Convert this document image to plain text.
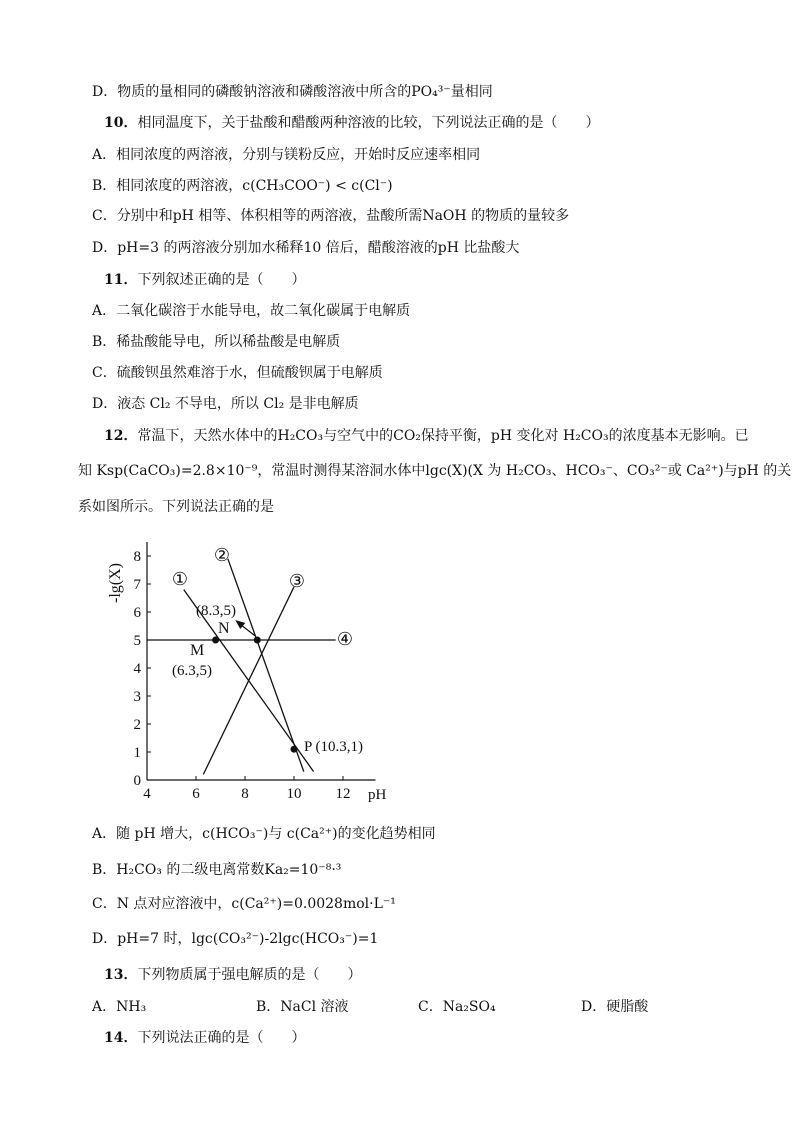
D．物质的量相同的磷酸钠溶液和磷酸溶液中所含的PO₄³⁻量相同
10．相同温度下，关于盐酸和醋酸两种溶液的比较，下列说法正确的是（　　）
A．相同浓度的两溶液，分别与镁粉反应，开始时反应速率相同
B．相同浓度的两溶液，c(CH₃COO⁻) < c(Cl⁻)
C．分别中和pH 相等、体积相等的两溶液，盐酸所需NaOH 的物质的量较多
D．pH=3 的两溶液分别加水稀释10 倍后，醋酸溶液的pH 比盐酸大
11．下列叙述正确的是（　　）
A．二氧化碳溶于水能导电，故二氧化碳属于电解质
B．稀盐酸能导电，所以稀盐酸是电解质
C．硫酸钡虽然难溶于水，但硫酸钡属于电解质
D．液态 Cl₂ 不导电，所以 Cl₂ 是非电解质
12．常温下，天然水体中的H₂CO₃与空气中的CO₂保持平衡，pH 变化对 H₂CO₃的浓度基本无影响。已
知 Ksp(CaCO₃)=2.8×10⁻⁹，常温时测得某溶洞水体中lgc(X)(X 为 H₂CO₃、HCO₃⁻、CO₃²⁻或 Ca²⁺)与pH 的关
系如图所示。下列说法正确的是
4	6	8	10 12
0
1
2
3
4
5
6
7
8
①
②
③
④
M
(6.3,5)
(8.3,5)
N
P (10.3,1)
-lg(X)
pH
A．随 pH 增大，c(HCO₃⁻)与 c(Ca²⁺)的变化趋势相同
B．H₂CO₃ 的二级电离常数Ka₂=10⁻⁸·³
C．N 点对应溶液中，c(Ca²⁺)=0.0028mol·L⁻¹
D．pH=7 时，lgc(CO₃²⁻)-2lgc(HCO₃⁻)=1
13．下列物质属于强电解质的是（　　）
A．NH₃	B．NaCl 溶液	C．Na₂SO₄	D．硬脂酸
14．下列说法正确的是（　　）
